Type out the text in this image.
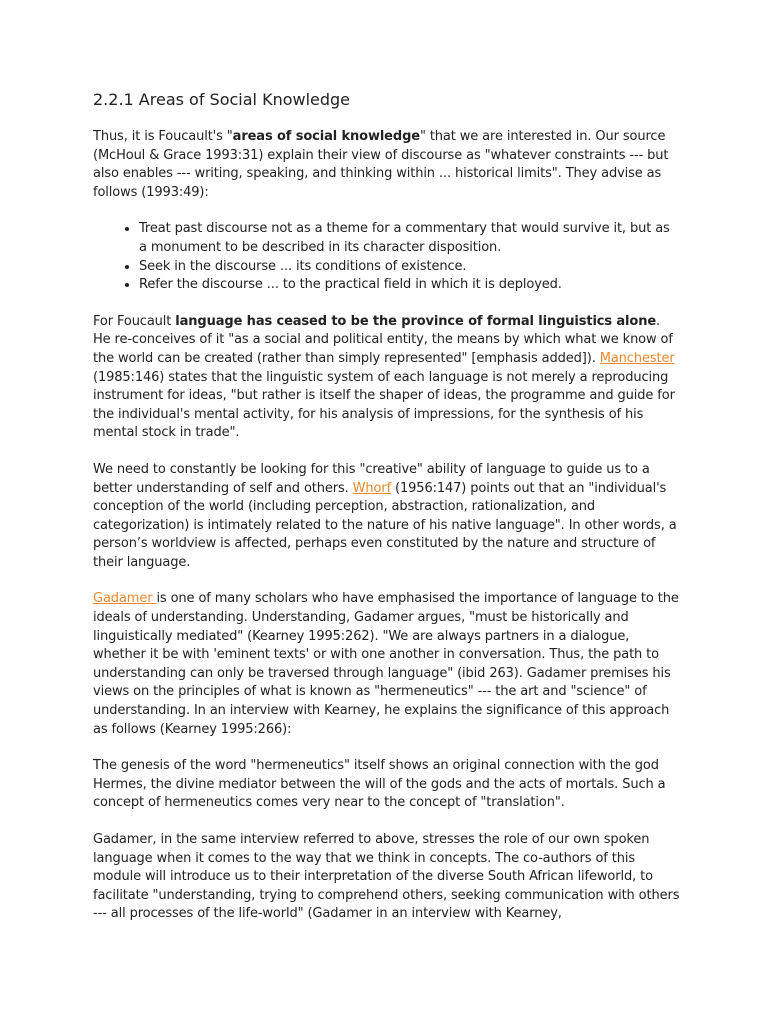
2.2.1 Areas of Social Knowledge

Thus, it is Foucault's "areas of social knowledge" that we are interested in. Our source (McHoul & Grace 1993:31) explain their view of discourse as "whatever constraints --- but also enables --- writing, speaking, and thinking within ... historical limits". They advise as follows (1993:49):

• Treat past discourse not as a theme for a commentary that would survive it, but as a monument to be described in its character disposition.
• Seek in the discourse ... its conditions of existence.
• Refer the discourse ... to the practical field in which it is deployed.

For Foucault language has ceased to be the province of formal linguistics alone. He re-conceives of it "as a social and political entity, the means by which what we know of the world can be created (rather than simply represented" [emphasis added]). Manchester (1985:146) states that the linguistic system of each language is not merely a reproducing instrument for ideas, "but rather is itself the shaper of ideas, the programme and guide for the individual's mental activity, for his analysis of impressions, for the synthesis of his mental stock in trade".

We need to constantly be looking for this "creative" ability of language to guide us to a better understanding of self and others. Whorf (1956:147) points out that an "individual's conception of the world (including perception, abstraction, rationalization, and categorization) is intimately related to the nature of his native language". In other words, a person’s worldview is affected, perhaps even constituted by the nature and structure of their language.

Gadamer is one of many scholars who have emphasised the importance of language to the ideals of understanding. Understanding, Gadamer argues, "must be historically and linguistically mediated" (Kearney 1995:262). "We are always partners in a dialogue, whether it be with 'eminent texts' or with one another in conversation. Thus, the path to understanding can only be traversed through language" (ibid 263). Gadamer premises his views on the principles of what is known as "hermeneutics" --- the art and "science" of understanding. In an interview with Kearney, he explains the significance of this approach as follows (Kearney 1995:266):

The genesis of the word "hermeneutics" itself shows an original connection with the god Hermes, the divine mediator between the will of the gods and the acts of mortals. Such a concept of hermeneutics comes very near to the concept of "translation".

Gadamer, in the same interview referred to above, stresses the role of our own spoken language when it comes to the way that we think in concepts. The co-authors of this module will introduce us to their interpretation of the diverse South African lifeworld, to facilitate "understanding, trying to comprehend others, seeking communication with others --- all processes of the life-world" (Gadamer in an interview with Kearney,
